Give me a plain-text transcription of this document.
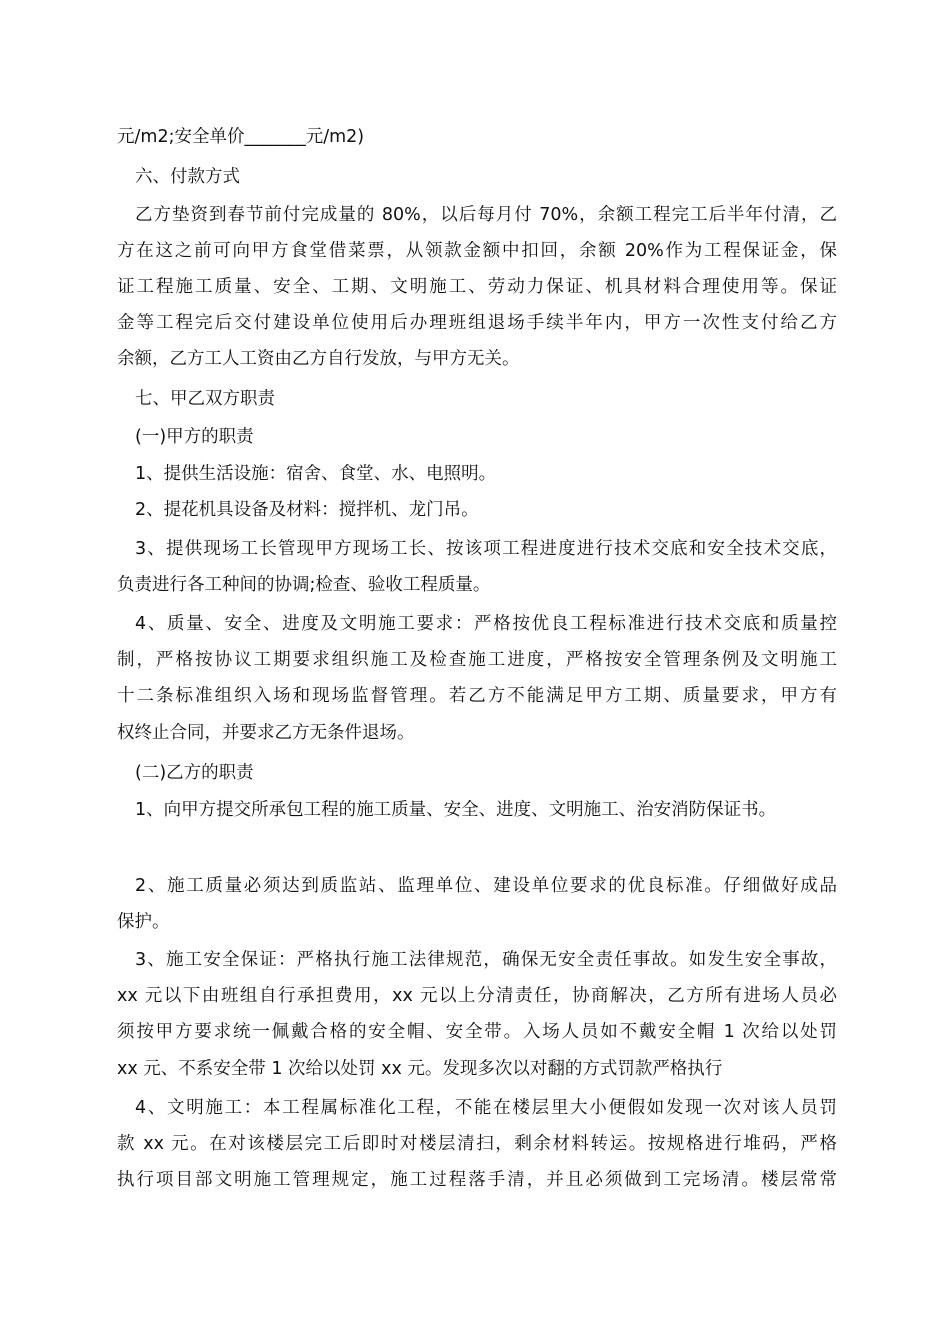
元/m2;安全单价_______元/m2)
六、付款方式
乙方垫资到春节前付完成量的 80%，以后每月付 70%，余额工程完工后半年付清，乙
方在这之前可向甲方食堂借菜票，从领款金额中扣回，余额 20%作为工程保证金，保
证工程施工质量、安全、工期、文明施工、劳动力保证、机具材料合理使用等。保证
金等工程完后交付建设单位使用后办理班组退场手续半年内，甲方一次性支付给乙方
余额，乙方工人工资由乙方自行发放，与甲方无关。
七、甲乙双方职责
(一)甲方的职责
1、提供生活设施：宿舍、食堂、水、电照明。
2、提花机具设备及材料：搅拌机、龙门吊。
3、提供现场工长管现甲方现场工长、按该项工程进度进行技术交底和安全技术交底，
负责进行各工种间的协调;检查、验收工程质量。
4、质量、安全、进度及文明施工要求：严格按优良工程标准进行技术交底和质量控
制，严格按协议工期要求组织施工及检查施工进度，严格按安全管理条例及文明施工
十二条标准组织入场和现场监督管理。若乙方不能满足甲方工期、质量要求，甲方有
权终止合同，并要求乙方无条件退场。
(二)乙方的职责
1、向甲方提交所承包工程的施工质量、安全、进度、文明施工、治安消防保证书。
2、施工质量必须达到质监站、监理单位、建设单位要求的优良标准。仔细做好成品
保护。
3、施工安全保证：严格执行施工法律规范，确保无安全责任事故。如发生安全事故，
xx 元以下由班组自行承担费用，xx 元以上分清责任，协商解决，乙方所有进场人员必
须按甲方要求统一佩戴合格的安全帽、安全带。入场人员如不戴安全帽 1 次给以处罚
xx 元、不系安全带 1 次给以处罚 xx 元。发现多次以对翻的方式罚款严格执行
4、文明施工：本工程属标准化工程，不能在楼层里大小便假如发现一次对该人员罚
款 xx 元。在对该楼层完工后即时对楼层清扫，剩余材料转运。按规格进行堆码，严格
执行项目部文明施工管理规定，施工过程落手清，并且必须做到工完场清。楼层常常
